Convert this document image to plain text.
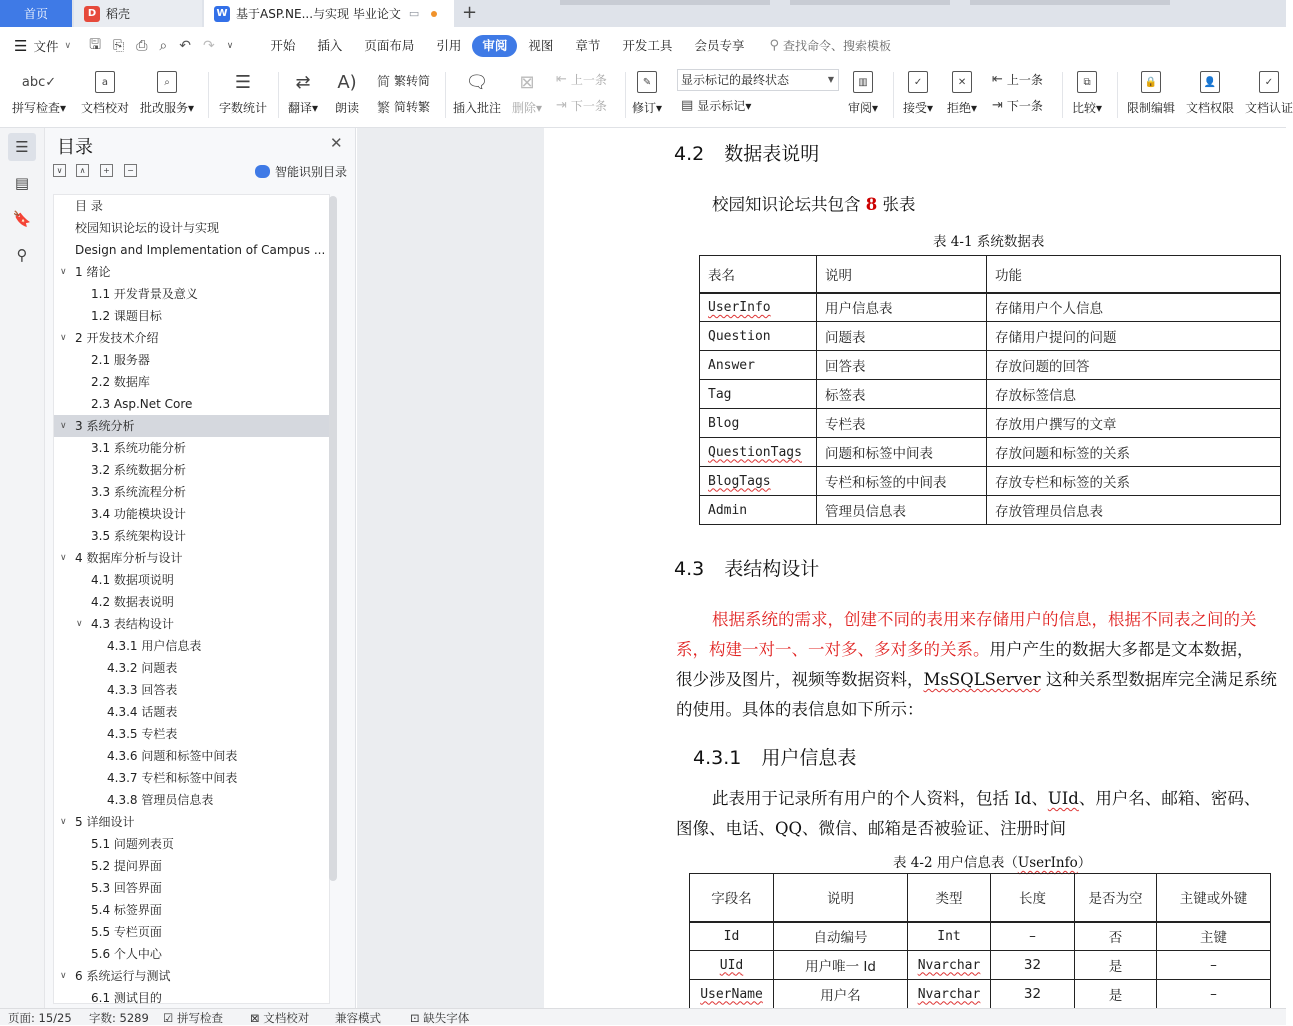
首页	D 稻壳	W 基于ASP.NE...与实现 毕业论文 ▭ +
☰ 文件 ∨ 🖫 ⎘ ⎙ ⌕ ↶ ↷ ∨	开始	插入	页面布局	引用	审阅	视图	章节	开发工具	会员专享	⚲ 查找命令、搜索模板
abc✓
拼写检查▾
a
文档校对
⌕
批改服务▾
☰
字数统计
⇄
翻译▾
A)
朗读
简 繁转简
繁 简转繁
🗨
插入批注
⊠
删除▾
⇤ 上一条
⇥ 下一条
✎
修订▾
显示标记的最终状态	▼
▤ 显示标记 ▾
▥
审阅▾
✓
接受▾
✕
拒绝▾
⇤ 上一条
⇥ 下一条
⧉
比较▾
🔒
限制编辑
👤
文档权限
✓
文档认证
☰
▤
🔖
⚲
目录	✕
∨	∧	+	−	智能识别目录
目 录
校园知识论坛的设计与实现
Design and Implementation of Campus ...
∨ 1 绪论
1.1 开发背景及意义
1.2 课题目标
∨ 2 开发技术介绍
2.1 服务器
2.2 数据库
2.3 Asp.Net Core
∨ 3 系统分析
3.1 系统功能分析
3.2 系统数据分析
3.3 系统流程分析
3.4 功能模块设计
3.5 系统架构设计
∨ 4 数据库分析与设计
4.1 数据项说明
4.2 数据表说明
∨ 4.3 表结构设计
4.3.1 用户信息表
4.3.2 问题表
4.3.3 回答表
4.3.4 话题表
4.3.5 专栏表
4.3.6 问题和标签中间表
4.3.7 专栏和标签中间表
4.3.8 管理员信息表
∨ 5 详细设计
5.1 问题列表页
5.2 提问界面
5.3 回答界面
5.4 标签界面
5.5 专栏页面
5.6 个人中心
∨ 6 系统运行与测试
6.1 测试目的
4.2 数据表说明
校园知识论坛共包含 8 张表
表 4-1 系统数据表
表名	说明	功能
UserInfo	用户信息表	存储用户个人信息
Question	问题表	存储用户提问的问题
Answer	回答表	存放问题的回答
Tag	标签表	存放标签信息
Blog	专栏表	存放用户撰写的文章
QuestionTags	问题和标签中间表	存放问题和标签的关系
BlogTags	专栏和标签的中间表	存放专栏和标签的关系
Admin	管理员信息表	存放管理员信息表
4.3 表结构设计
根据系统的需求，创建不同的表用来存储用户的信息，根据不同表之间的关
系，构建一对一、一对多、多对多的关系。用户产生的数据大多都是文本数据，
很少涉及图片，视频等数据资料，MsSQLServer 这种关系型数据库完全满足系统
的使用。具体的表信息如下所示：
4.3.1 用户信息表
此表用于记录所有用户的个人资料，包括 Id、UId、用户名、邮箱、密码、
图像、电话、QQ、微信、邮箱是否被验证、注册时间
表 4-2 用户信息表（UserInfo）
字段名	说明	类型	长度	是否为空	主键或外键
Id	自动编号	Int	–	否	主键
UId	用户唯一 Id	Nvarchar	32	是	–
UserName	用户名	Nvarchar	32	是	–
页面: 15/25 字数: 5289 ☑ 拼写检查 ⊠ 文档校对 兼容模式	⊡ 缺失字体
